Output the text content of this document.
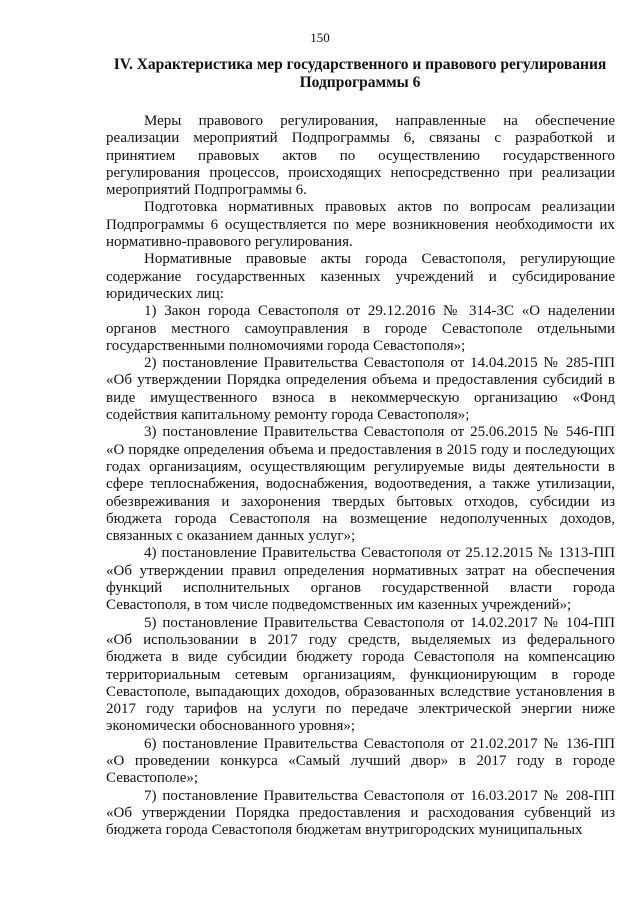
150
IV. Характеристика мер государственного и правового регулирования
Подпрограммы 6

Меры правового регулирования, направленные на обеспечение реализации мероприятий Подпрограммы 6, связаны с разработкой и принятием правовых актов по осуществлению государственного регулирования процессов, происходящих непосредственно при реализации мероприятий Подпрограммы 6.

Подготовка нормативных правовых актов по вопросам реализации Подпрограммы 6 осуществляется по мере возникновения необходимости их нормативно-правового регулирования.

Нормативные правовые акты города Севастополя, регулирующие содержание государственных казенных учреждений и субсидирование юридических лиц:

1) Закон города Севастополя от 29.12.2016 № 314-ЗС «О наделении органов местного самоуправления в городе Севастополе отдельными государственными полномочиями города Севастополя»;

2) постановление Правительства Севастополя от 14.04.2015 № 285-ПП «Об утверждении Порядка определения объема и предоставления субсидий в виде имущественного взноса в некоммерческую организацию «Фонд содействия капитальному ремонту города Севастополя»;

3) постановление Правительства Севастополя от 25.06.2015 № 546-ПП «О порядке определения объема и предоставления в 2015 году и последующих годах организациям, осуществляющим регулируемые виды деятельности в сфере теплоснабжения, водоснабжения, водоотведения, а также утилизации, обезвреживания и захоронения твердых бытовых отходов, субсидии из бюджета города Севастополя на возмещение недополученных доходов, связанных с оказанием данных услуг»;

4) постановление Правительства Севастополя от 25.12.2015 № 1313-ПП «Об утверждении правил определения нормативных затрат на обеспечения функций исполнительных органов государственной власти города Севастополя, в том числе подведомственных им казенных учреждений»;

5) постановление Правительства Севастополя от 14.02.2017 № 104-ПП «Об использовании в 2017 году средств, выделяемых из федерального бюджета в виде субсидии бюджету города Севастополя на компенсацию территориальным сетевым организациям, функционирующим в городе Севастополе, выпадающих доходов, образованных вследствие установления в 2017 году тарифов на услуги по передаче электрической энергии ниже экономически обоснованного уровня»;

6) постановление Правительства Севастополя от 21.02.2017 № 136-ПП «О проведении конкурса «Самый лучший двор» в 2017 году в городе Севастополе»;

7) постановление Правительства Севастополя от 16.03.2017 № 208-ПП «Об утверждении Порядка предоставления и расходования субвенций из бюджета города Севастополя бюджетам внутригородских муниципальных
